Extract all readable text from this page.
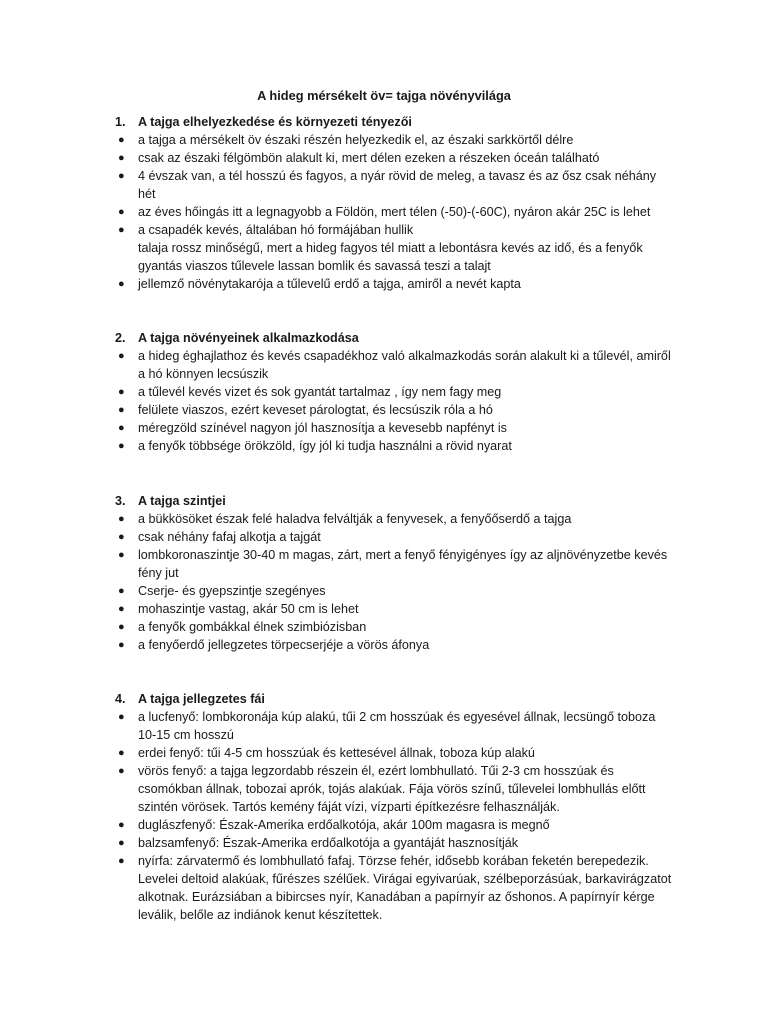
A hideg mérsékelt öv= tajga növényvilága
1. A tajga elhelyezkedése és környezeti tényezői
● a tajga a mérsékelt öv északi részén helyezkedik el, az északi sarkkörtől délre
● csak az északi félgömbön alakult ki, mert délen ezeken a részeken óceán található
● 4 évszak van, a tél hosszú és fagyos, a nyár rövid de meleg, a tavasz és az ősz csak néhány hét
● az éves hőingás itt a legnagyobb a Földön, mert télen (-50)-(-60C), nyáron akár 25C is lehet
● a csapadék kevés, általában hó formájában hullik
talaja rossz minőségű, mert a hideg fagyos tél miatt a lebontásra kevés az idő, és a fenyők gyantás viaszos tűlevele lassan bomlik és savassá teszi a talajt
● jellemző növénytakarója a tűlevelű erdő a tajga, amiről a nevét kapta
2. A tajga növényeinek alkalmazkodása
● a hideg éghajlathoz és kevés csapadékhoz való alkalmazkodás során alakult ki a tűlevél, amiről a hó könnyen lecsúszik
● a tűlevél kevés vizet és sok gyantát tartalmaz , így nem fagy meg
● felülete viaszos, ezért keveset párologtat, és lecsúszik róla a hó
● méregzöld színével nagyon jól hasznosítja a kevesebb napfényt is
● a fenyők többsége örökzöld, így jól ki tudja használni a rövid nyarat
3. A tajga szintjei
● a bükkösöket észak felé haladva felváltják a fenyvesek, a fenyőőserdő a tajga
● csak néhány fafaj alkotja a tajgát
● lombkoronaszintje 30-40 m magas, zárt, mert a fenyő fényigényes így az aljnövényzetbe kevés fény jut
● Cserje- és gyepszintje szegényes
● mohaszintje vastag, akár 50 cm is lehet
● a fenyők gombákkal élnek szimbiózisban
● a fenyőerdő jellegzetes törpecserjéje a vörös áfonya
4. A tajga jellegzetes fái
● a lucfenyő: lombkoronája kúp alakú, tűi 2 cm hosszúak és egyesével állnak, lecsüngő toboza 10-15 cm hosszú
● erdei fenyő: tűi 4-5 cm hosszúak és kettesével állnak, toboza kúp alakú
● vörös fenyő: a tajga legzordabb részein él, ezért lombhullató. Tűi 2-3 cm hosszúak és csomókban állnak, tobozai aprók, tojás alakúak. Fája vörös színű, tűlevelei lombhullás előtt szintén vörösek. Tartós kemény fáját vízi, vízparti építkezésre felhasználják.
● duglászfenyő: Észak-Amerika erdőalkotója, akár 100m magasra is megnő
● balzsamfenyő: Észak-Amerika erdőalkotója a gyantáját hasznosítják
● nyírfa: zárvatermő és lombhullató fafaj. Törzse fehér, idősebb korában feketén berepedezik. Levelei deltoid alakúak, fűrészes szélűek. Virágai egyivarúak, szélbeporzásúak, barkavirágzatot alkotnak. Eurázsiában a bibircses nyír, Kanadában a papírnyír az őshonos. A papírnyír kérge leválik, belőle az indiánok kenut készítettek.
